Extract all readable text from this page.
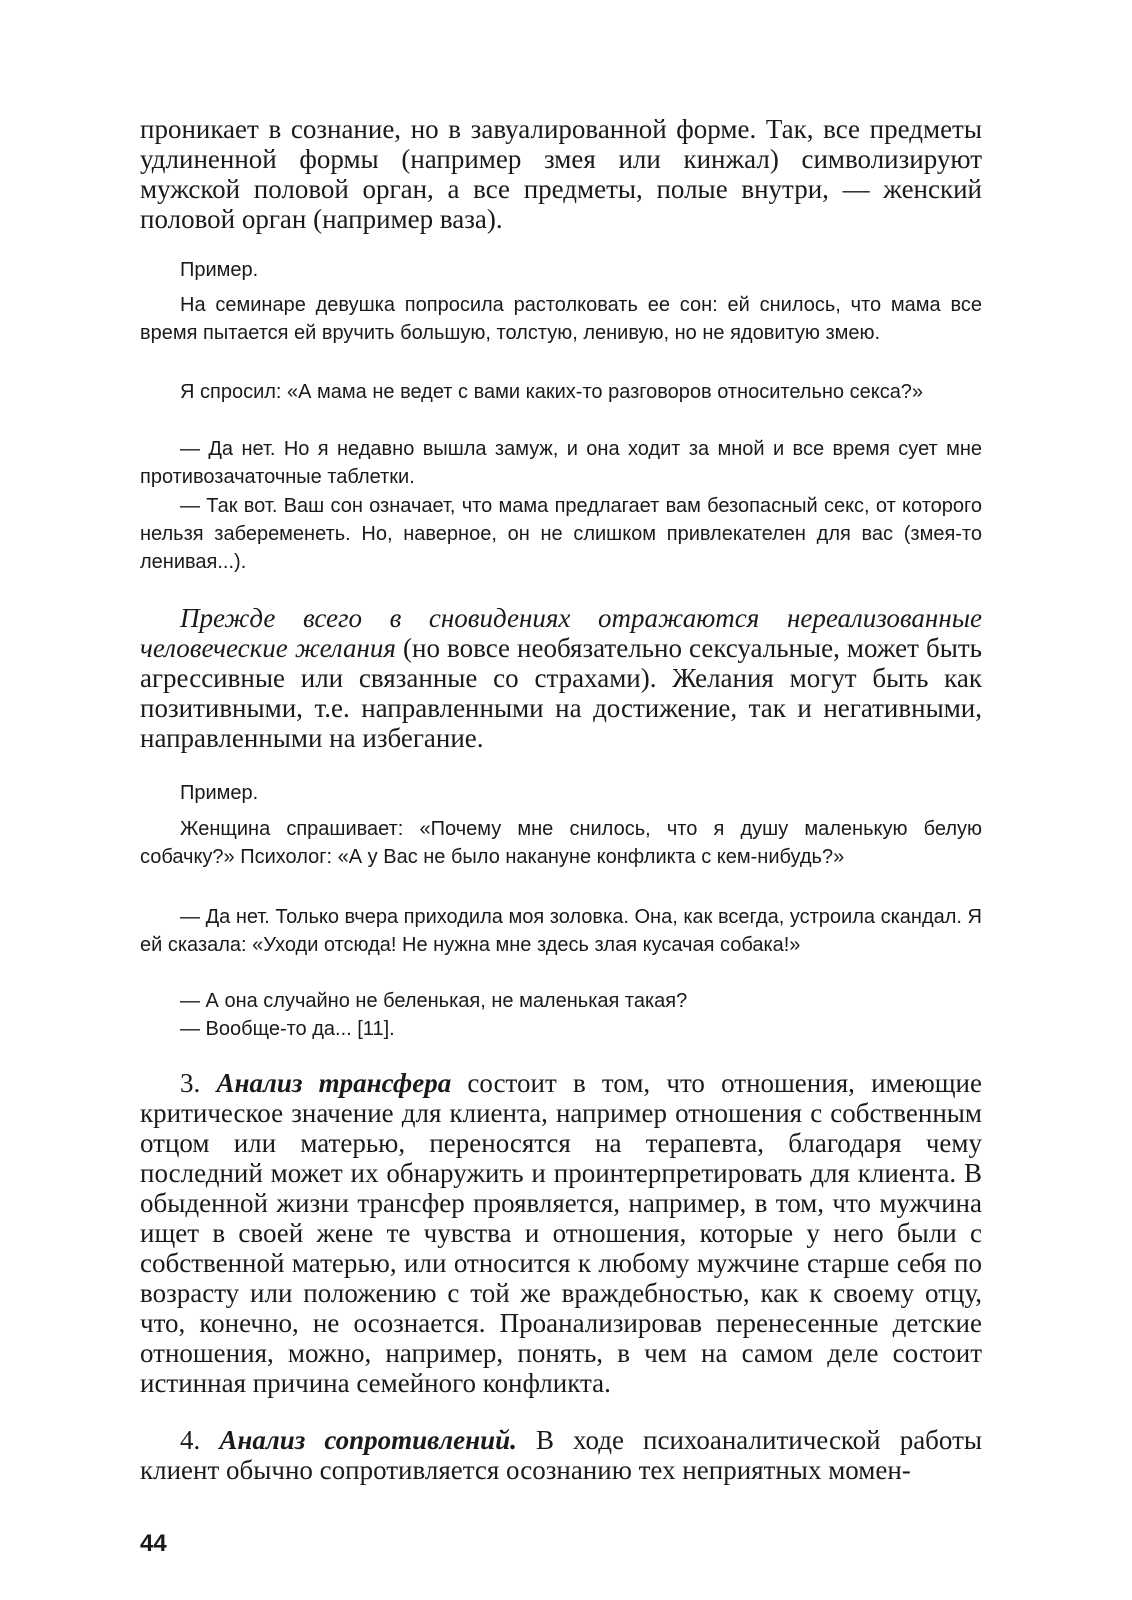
проникает в сознание, но в завуалированной форме. Так, все предметы удлиненной формы (например змея или кинжал) символизируют мужской половой орган, а все предметы, полые внутри, — женский половой орган (например ваза).

Пример.

На семинаре девушка попросила растолковать ее сон: ей снилось, что мама все время пытается ей вручить большую, толстую, ленивую, но не ядовитую змею.

Я спросил: «А мама не ведет с вами каких-то разговоров относительно секса?»

— Да нет. Но я недавно вышла замуж, и она ходит за мной и все время сует мне противозачаточные таблетки.

— Так вот. Ваш сон означает, что мама предлагает вам безопасный секс, от которого нельзя забеременеть. Но, наверное, он не слишком привлекателен для вас (змея-то ленивая...).

Прежде всего в сновидениях отражаются нереализованные человеческие желания (но вовсе необязательно сексуальные, может быть агрессивные или связанные со страхами). Желания могут быть как позитивными, т.е. направленными на достижение, так и негативными, направленными на избегание.

Пример.

Женщина спрашивает: «Почему мне снилось, что я душу маленькую белую собачку?» Психолог: «А у Вас не было накануне конфликта с кем-нибудь?»

— Да нет. Только вчера приходила моя золовка. Она, как всегда, устроила скандал. Я ей сказала: «Уходи отсюда! Не нужна мне здесь злая кусачая собака!»

— А она случайно не беленькая, не маленькая такая?

— Вообще-то да... [11].

3. Анализ трансфера состоит в том, что отношения, имеющие критическое значение для клиента, например отношения с собственным отцом или матерью, переносятся на терапевта, благодаря чему последний может их обнаружить и проинтерпретировать для клиента. В обыденной жизни трансфер проявляется, например, в том, что мужчина ищет в своей жене те чувства и отношения, которые у него были с собственной матерью, или относится к любому мужчине старше себя по возрасту или положению с той же враждебностью, как к своему отцу, что, конечно, не осознается. Проанализировав перенесенные детские отношения, можно, например, понять, в чем на самом деле состоит истинная причина семейного конфликта.

4. Анализ сопротивлений. В ходе психоаналитической работы клиент обычно сопротивляется осознанию тех неприятных момен-

44
